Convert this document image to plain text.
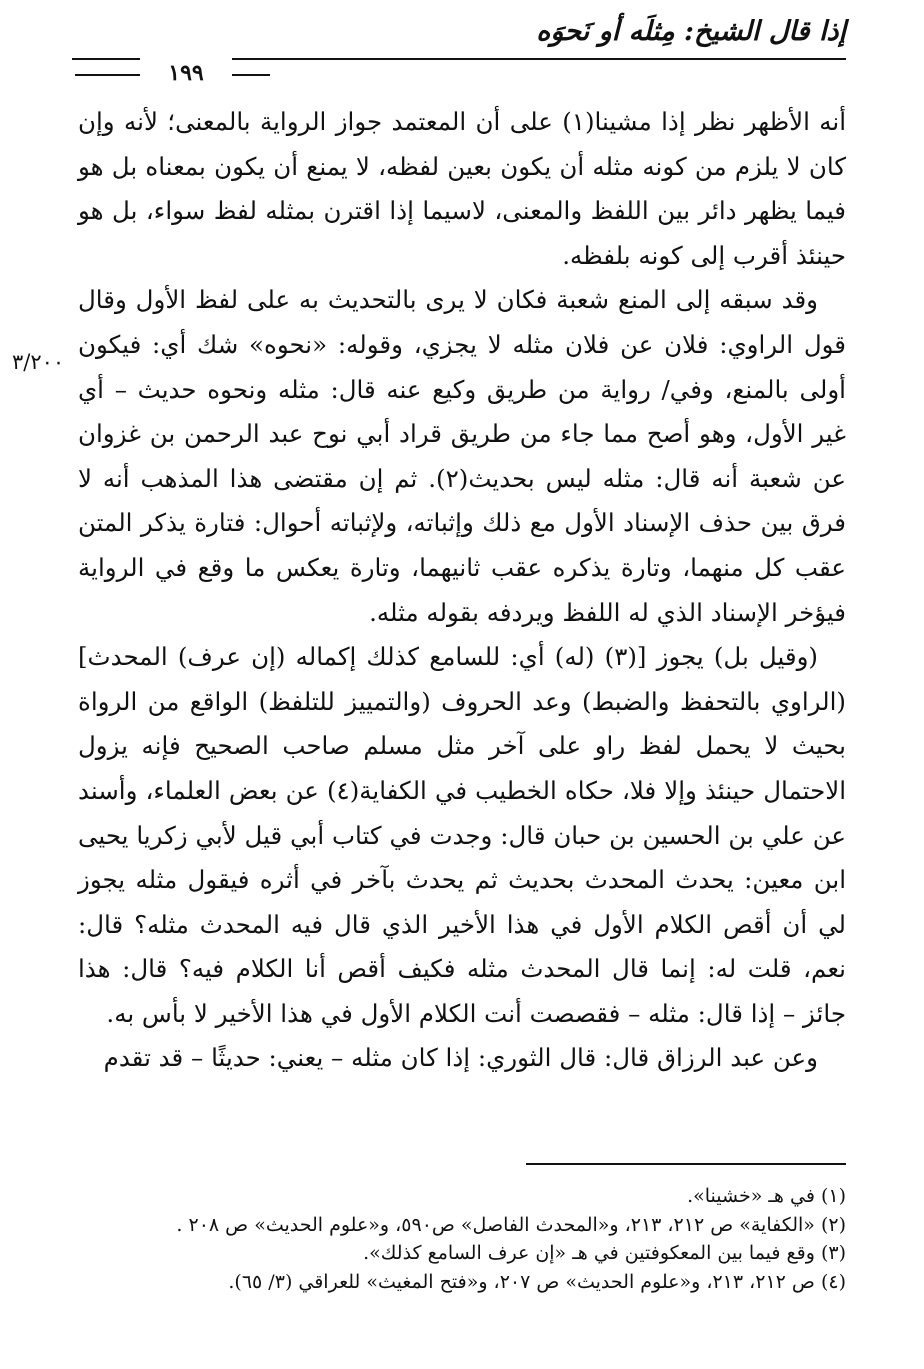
إذا قال الشيخ: مِثلَه أو نَحوَه
١٩٩
٣/٢٠٠

أنه الأظهر نظر إذا مشينا(١) على أن المعتمد جواز الرواية بالمعنى؛ لأنه وإن كان لا يلزم من كونه مثله أن يكون بعين لفظه، لا يمنع أن يكون بمعناه بل هو فيما يظهر دائر بين اللفظ والمعنى، لاسيما إذا اقترن بمثله لفظ سواء، بل هو حينئذ أقرب إلى كونه بلفظه.

وقد سبقه إلى المنع شعبة فكان لا يرى بالتحديث به على لفظ الأول وقال قول الراوي: فلان عن فلان مثله لا يجزي، وقوله: «نحوه» شك أي: فيكون أولى بالمنع، وفي/ رواية من طريق وكيع عنه قال: مثله ونحوه حديث – أي غير الأول، وهو أصح مما جاء من طريق قراد أبي نوح عبد الرحمن بن غزوان عن شعبة أنه قال: مثله ليس بحديث(٢). ثم إن مقتضى هذا المذهب أنه لا فرق بين حذف الإسناد الأول مع ذلك وإثباته، ولإثباته أحوال: فتارة يذكر المتن عقب كل منهما، وتارة يذكره عقب ثانيهما، وتارة يعكس ما وقع في الرواية فيؤخر الإسناد الذي له اللفظ ويردفه بقوله مثله.

(وقيل بل) يجوز [(٣) (له) أي: للسامع كذلك إكماله (إن عرف) المحدث] (الراوي بالتحفظ والضبط) وعد الحروف (والتمييز للتلفظ) الواقع من الرواة بحيث لا يحمل لفظ راو على آخر مثل مسلم صاحب الصحيح فإنه يزول الاحتمال حينئذ وإلا فلا، حكاه الخطيب في الكفاية(٤) عن بعض العلماء، وأسند عن علي بن الحسين بن حبان قال: وجدت في كتاب أبي قيل لأبي زكريا يحيى ابن معين: يحدث المحدث بحديث ثم يحدث بآخر في أثره فيقول مثله يجوز لي أن أقص الكلام الأول في هذا الأخير الذي قال فيه المحدث مثله؟ قال: نعم، قلت له: إنما قال المحدث مثله فكيف أقص أنا الكلام فيه؟ قال: هذا جائز – إذا قال: مثله – فقصصت أنت الكلام الأول في هذا الأخير لا بأس به.

وعن عبد الرزاق قال: قال الثوري: إذا كان مثله – يعني: حديثًا – قد تقدم

(١) في هـ «خشينا».
(٢) «الكفاية» ص ٢١٢، ٢١٣، و«المحدث الفاصل» ص٥٩٠، و«علوم الحديث» ص ٢٠٨ .
(٣) وقع فيما بين المعكوفتين في هـ «إن عرف السامع كذلك».
(٤) ص ٢١٢، ٢١٣، و«علوم الحديث» ص ٢٠٧، و«فتح المغيث» للعراقي (٣/ ٦٥).
